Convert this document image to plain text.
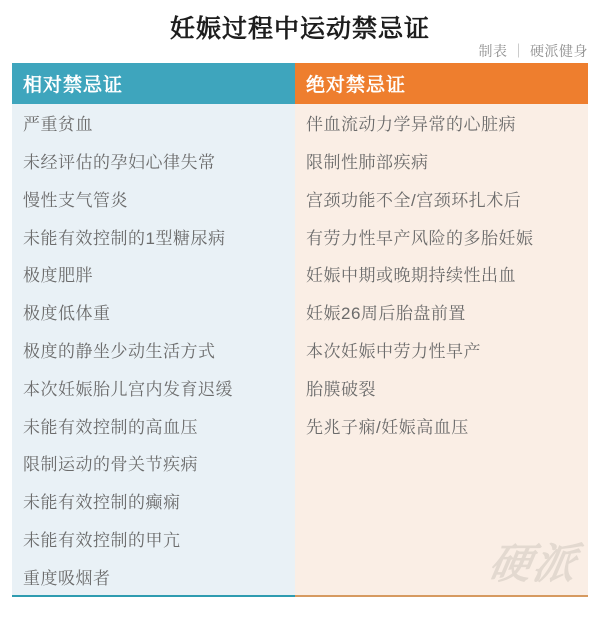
妊娠过程中运动禁忌证
制表 ｜ 硬派健身
相对禁忌证	绝对禁忌证
严重贫血
未经评估的孕妇心律失常
慢性支气管炎
未能有效控制的1型糖尿病
极度肥胖
极度低体重
极度的静坐少动生活方式
本次妊娠胎儿宫内发育迟缓
未能有效控制的高血压
限制运动的骨关节疾病
未能有效控制的癫痫
未能有效控制的甲亢
重度吸烟者	硬派
伴血流动力学异常的心脏病
限制性肺部疾病
宫颈功能不全/宫颈环扎术后
有劳力性早产风险的多胎妊娠
妊娠中期或晚期持续性出血
妊娠26周后胎盘前置
本次妊娠中劳力性早产
胎膜破裂
先兆子痫/妊娠高血压
